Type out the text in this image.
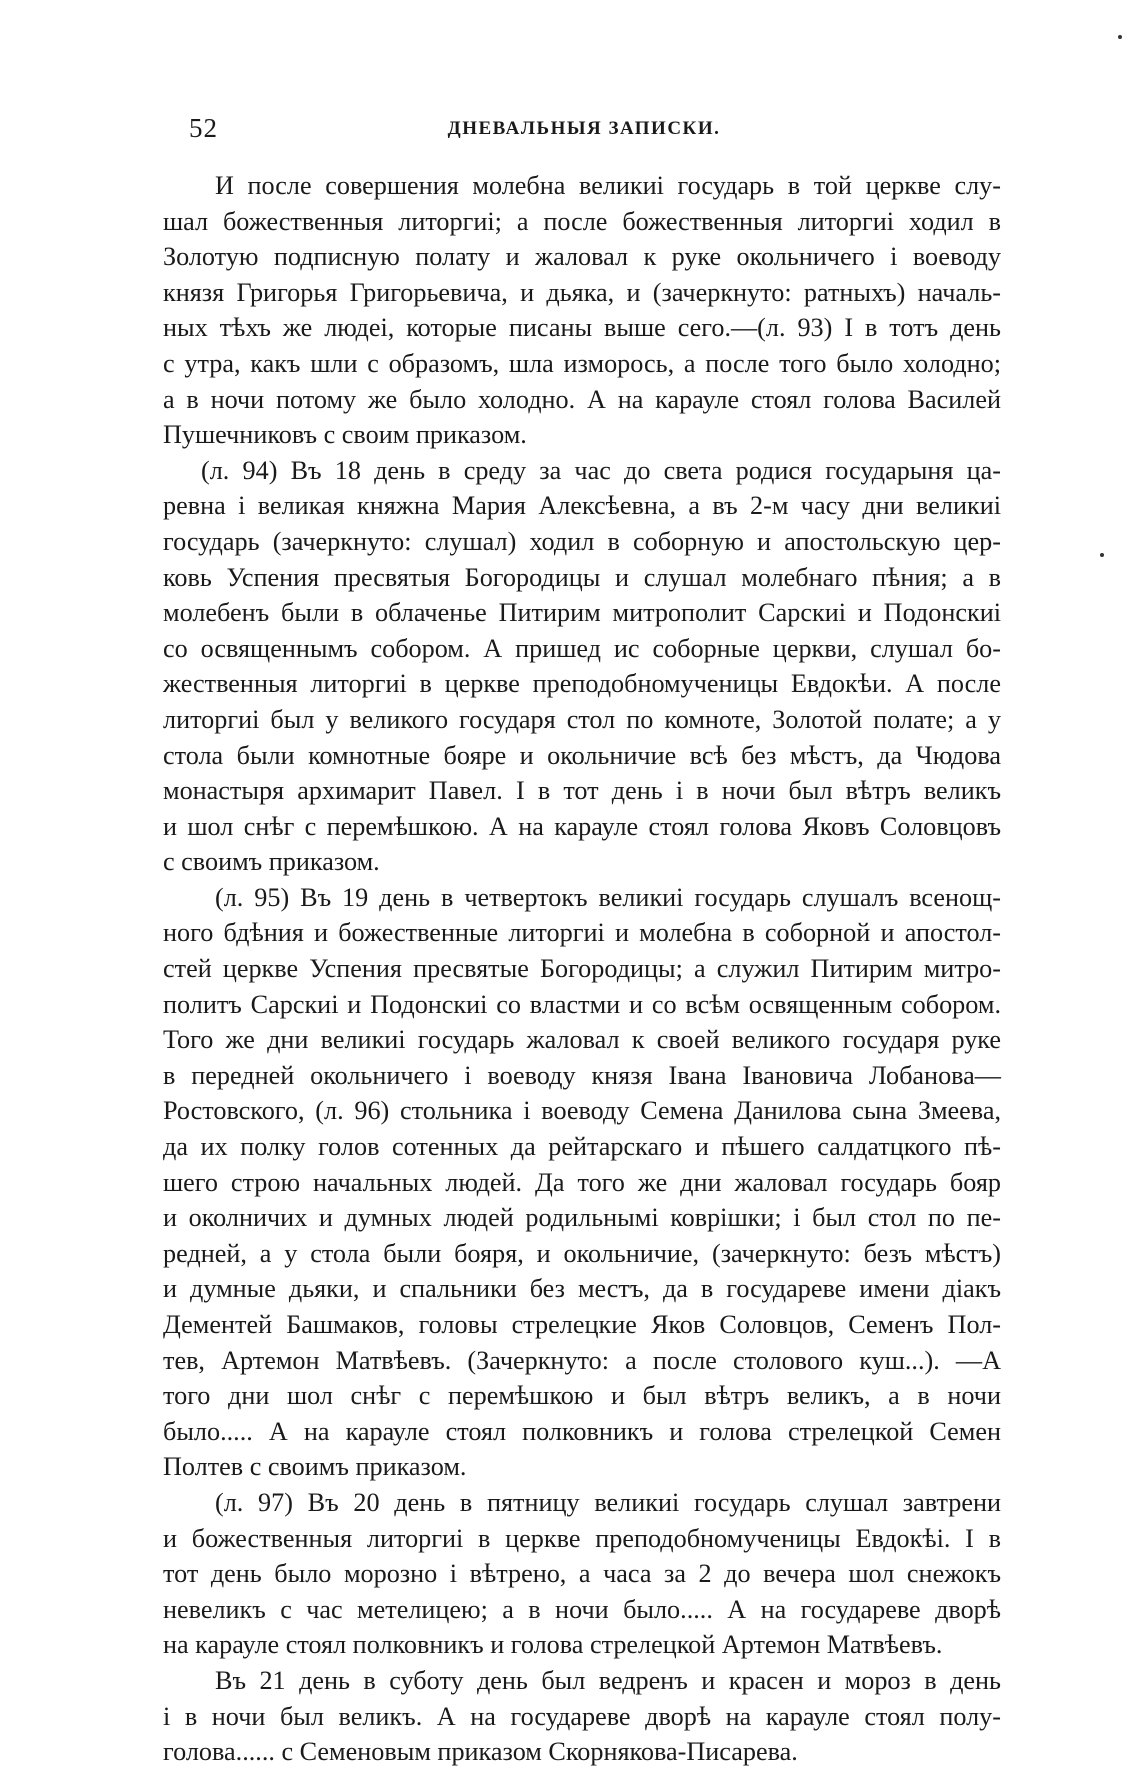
52	ДНЕВАЛЬНЫЯ ЗАПИСКИ.
И после совершения молебна великиі государь в той церкве слу-
шал божественныя литоргиі; а после божественныя литоргиі ходил в
Золотую подписную полату и жаловал к руке окольничего і воеводу
князя Григорья Григорьевича, и дьяка, и (зачеркнуто: ратныхъ) началь-
ных тѣхъ же людеі, которые писаны выше сего.—(л. 93) I в тотъ день
с утра, какъ шли с образомъ, шла изморось, а после того было холодно;
а в ночи потому же было холодно. А на карауле стоял голова Василей
Пушечниковъ с своим приказом.
(л. 94) Въ 18 день в среду за час до света родися государыня ца-
ревна і великая княжна Мария Алексѣевна, а въ 2-м часу дни великиі
государь (зачеркнуто: слушал) ходил в соборную и апостольскую цер-
ковь Успения пресвятыя Богородицы и слушал молебнаго пѣния; а в
молебенъ были в облаченье Питирим митрополит Сарскиі и Подонскиі
со освященнымъ собором. А пришед ис соборные церкви, слушал бо-
жественныя литоргиі в церкве преподобномученицы Евдокѣи. А после
литоргиі был у великого государя стол по комноте, Золотой полате; а у
стола были комнотные бояре и окольничие всѣ без мѣстъ, да Чюдова
монастыря архимарит Павел. I в тот день і в ночи был вѣтръ великъ
и шол снѣг с перемѣшкою. А на карауле стоял голова Яковъ Соловцовъ
с своимъ приказом.
(л. 95) Въ 19 день в четвертокъ великиі государь слушалъ всенощ-
ного бдѣния и божественные литоргиі и молебна в соборной и апостол-
стей церкве Успения пресвятые Богородицы; а служил Питирим митро-
политъ Сарскиі и Подонскиі со властми и со всѣм освященным собором.
Того же дни великиі государь жаловал к своей великого государя руке
в передней окольничего і воеводу князя Івана Івановича Лобанова—
Ростовского, (л. 96) стольника і воеводу Семена Данилова сына Змеева,
да их полку голов сотенных да рейтарскаго и пѣшего салдатцкого пѣ-
шего строю начальных людей. Да того же дни жаловал государь бояр
и околничих и думных людей родильнымі коврішки; і был стол по пе-
редней, а у стола были бояря, и окольничие, (зачеркнуто: безъ мѣстъ)
и думные дьяки, и спальники без местъ, да в государеве имени діакъ
Дементей Башмаков, головы стрелецкие Яков Соловцов, Семенъ Пол-
тев, Артемон Матвѣевъ. (Зачеркнуто: а после столового куш...). —А
того дни шол снѣг с перемѣшкою и был вѣтръ великъ, а в ночи
было..... А на карауле стоял полковникъ и голова стрелецкой Семен
Полтев с своимъ приказом.
(л. 97) Въ 20 день в пятницу великиі государь слушал завтрени
и божественныя литоргиі в церкве преподобномученицы Евдокѣі. I в
тот день было морозно і вѣтрено, а часа за 2 до вечера шол снежокъ
невеликъ с час метелицею; а в ночи было..... А на государеве дворѣ
на карауле стоял полковникъ и голова стрелецкой Артемон Матвѣевъ.
Въ 21 день в суботу день был ведренъ и красен и мороз в день
і в ночи был великъ. А на государеве дворѣ на карауле стоял полу-
голова...... с Семеновым приказом Скорнякова-Писарева.
